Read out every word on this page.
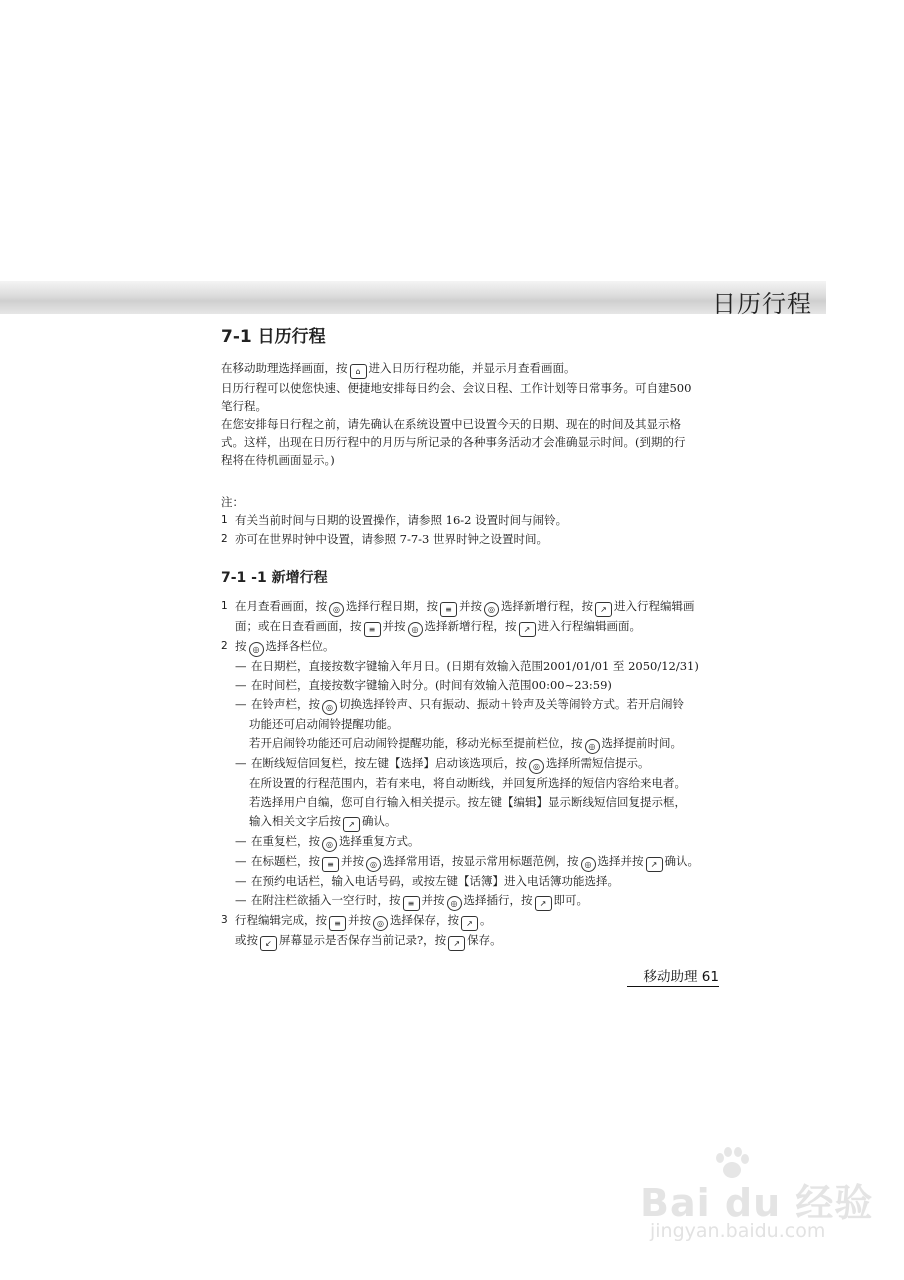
日历行程
7-1 日历行程

在移动助理选择画面，按 ⌂ 进入日历行程功能，并显示月查看画面。

日历行程可以使您快速、便捷地安排每日约会、会议日程、工作计划等日常事务。可自建500

笔行程。

在您安排每日行程之前，请先确认在系统设置中已设置今天的日期、现在的时间及其显示格

式。这样，出现在日历行程中的月历与所记录的各种事务活动才会准确显示时间。(到期的行

程将在待机画面显示。)

注：

1 有关当前时间与日期的设置操作，请参照 16-2 设置时间与闹铃。

2 亦可在世界时钟中设置，请参照 7-7-3 世界时钟之设置时间。

7-1 -1 新增行程

1 在月查看画面，按 ◎ 选择行程日期，按 ≡ 并按 ◎ 选择新增行程，按 ↗ 进入行程编辑画
面；或在日查看画面，按 ≡ 并按 ◎ 选择新增行程，按 ↗ 进入行程编辑画面。

2 按 ◎ 选择各栏位。

— 在日期栏，直接按数字键输入年月日。(日期有效输入范围2001/01/01 至 2050/12/31)

— 在时间栏，直接按数字键输入时分。(时间有效输入范围00:00~23:59)

— 在铃声栏，按 ◎ 切换选择铃声、只有振动、振动＋铃声及关等闹铃方式。若开启闹铃

功能还可启动闹铃提醒功能。

若开启闹铃功能还可启动闹铃提醒功能，移动光标至提前栏位，按 ◎ 选择提前时间。

— 在断线短信回复栏，按左键【选择】启动该选项后，按 ◎ 选择所需短信提示。

在所设置的行程范围内，若有来电，将自动断线，并回复所选择的短信内容给来电者。

若选择用户自编，您可自行输入相关提示。按左键【编辑】显示断线短信回复提示框，

输入相关文字后按 ↗ 确认。

— 在重复栏，按 ◎ 选择重复方式。

— 在标题栏，按 ≡ 并按 ◎ 选择常用语，按显示常用标题范例，按 ◎ 选择并按 ↗ 确认。

— 在预约电话栏，输入电话号码，或按左键【话簿】进入电话簿功能选择。

— 在附注栏欲插入一空行时，按 ≡ 并按 ◎ 选择插行，按 ↗ 即可。

3 行程编辑完成，按 ≡ 并按 ◎ 选择保存，按 ↗ 。

或按 ↙ 屏幕显示是否保存当前记录?，按 ↗ 保存。

移动助理 61
Bai du 经验
jingyan.baidu.com
